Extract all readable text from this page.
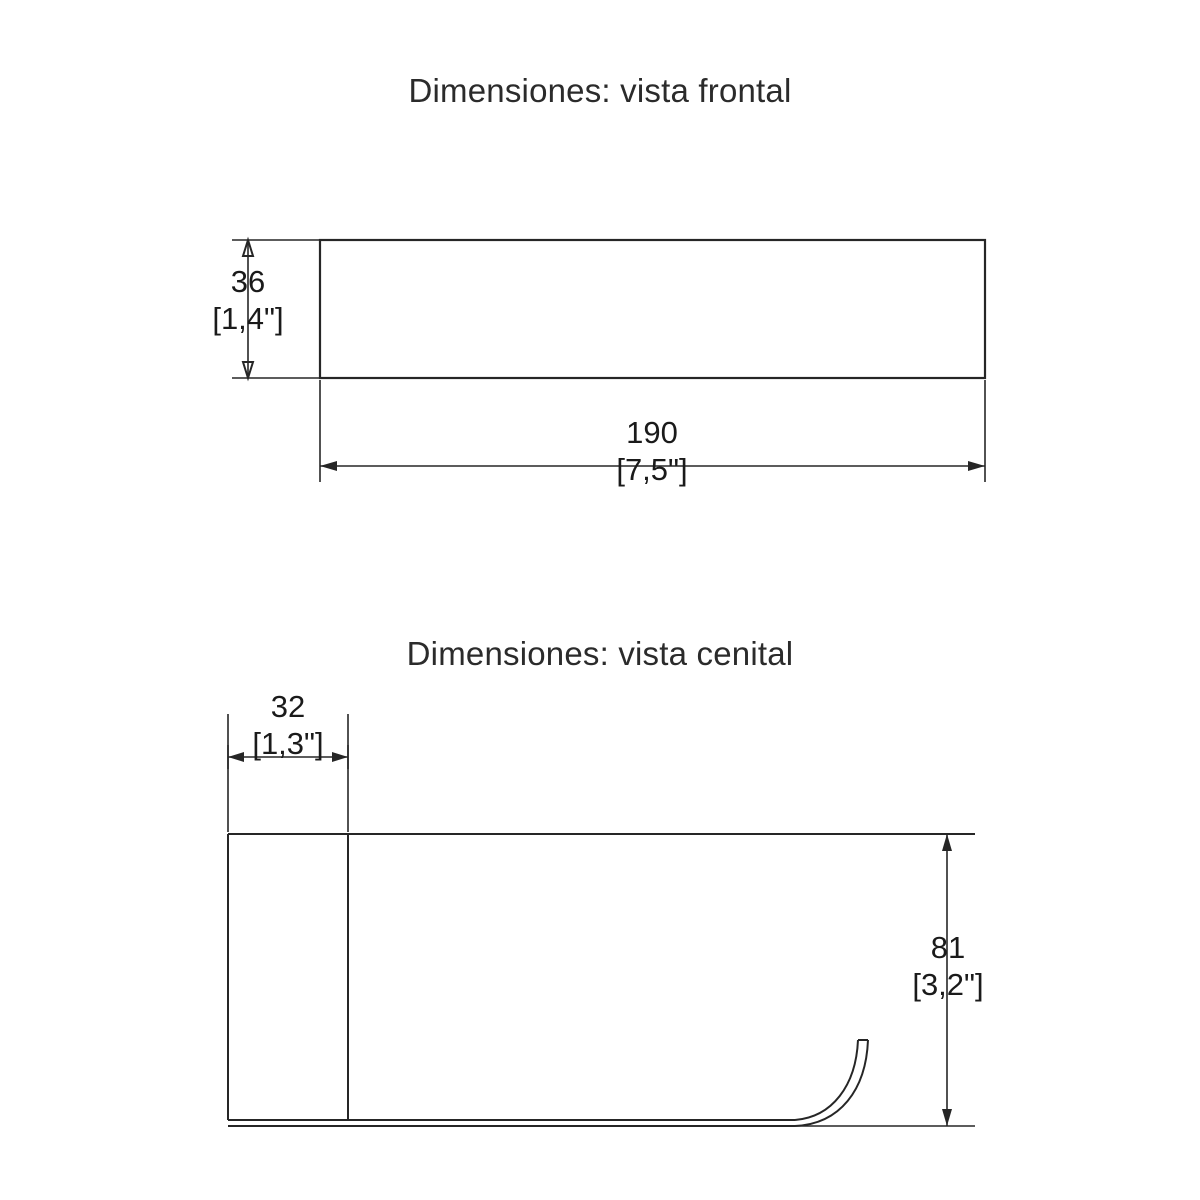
Dimensiones: vista frontal
Dimensiones: vista cenital
36
[1,4"]
190
[7,5"]
32
[1,3"]
81
[3,2"]
